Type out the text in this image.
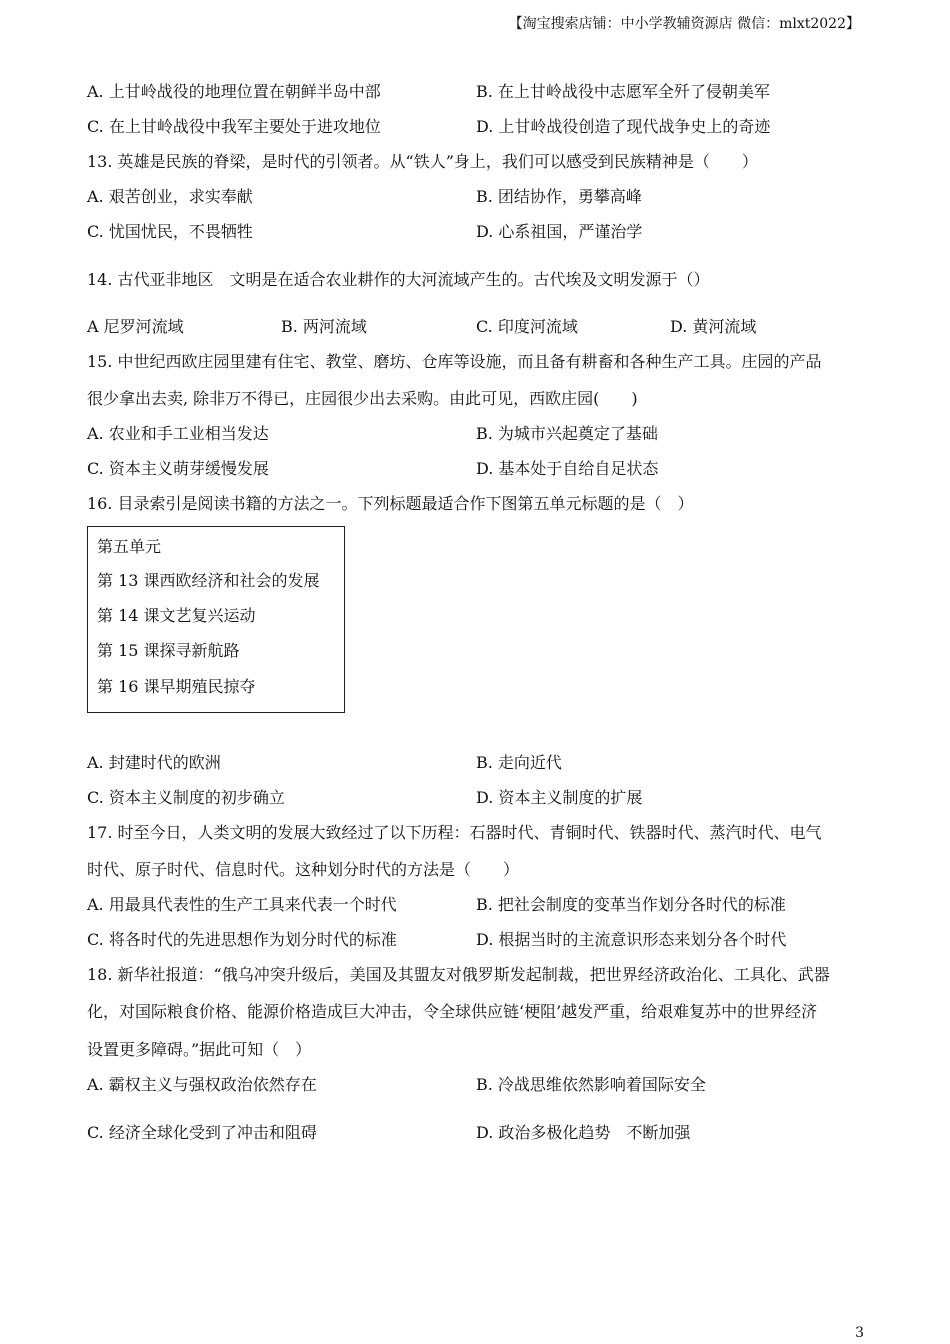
【淘宝搜索店铺：中小学教辅资源店 微信：mlxt2022】
A. 上甘岭战役的地理位置在朝鲜半岛中部	B. 在上甘岭战役中志愿军全歼了侵朝美军
C. 在上甘岭战役中我军主要处于进攻地位	D. 上甘岭战役创造了现代战争史上的奇迹
13. 英雄是民族的脊梁，是时代的引领者。从“铁人”身上，我们可以感受到民族精神是（　　）
A. 艰苦创业，求实奉献	B. 团结协作，勇攀高峰
C. 忧国忧民，不畏牺牲	D. 心系祖国，严谨治学
14. 古代亚非地区　文明是在适合农业耕作的大河流域产生的。古代埃及文明发源于（）
A 尼罗河流域	B. 两河流域	C. 印度河流域	D. 黄河流域
15. 中世纪西欧庄园里建有住宅、教堂、磨坊、仓库等设施，而且备有耕畜和各种生产工具。庄园的产品
很少拿出去卖, 除非万不得已，庄园很少出去采购。由此可见，西欧庄园(　　)
A. 农业和手工业相当发达	B. 为城市兴起奠定了基础
C. 资本主义萌芽缓慢发展	D. 基本处于自给自足状态
16. 目录索引是阅读书籍的方法之一。下列标题最适合作下图第五单元标题的是（　）
第五单元
第 13 课西欧经济和社会的发展
第 14 课文艺复兴运动
第 15 课探寻新航路
第 16 课早期殖民掠夺
A. 封建时代的欧洲	B. 走向近代
C. 资本主义制度的初步确立	D. 资本主义制度的扩展
17. 时至今日，人类文明的发展大致经过了以下历程：石器时代、青铜时代、铁器时代、蒸汽时代、电气
时代、原子时代、信息时代。这种划分时代的方法是（　　）
A. 用最具代表性的生产工具来代表一个时代	B. 把社会制度的变革当作划分各时代的标准
C. 将各时代的先进思想作为划分时代的标准	D. 根据当时的主流意识形态来划分各个时代
18. 新华社报道：“俄乌冲突升级后，美国及其盟友对俄罗斯发起制裁，把世界经济政治化、工具化、武器
化，对国际粮食价格、能源价格造成巨大冲击，令全球供应链‘梗阻’越发严重，给艰难复苏中的世界经济
设置更多障碍。”据此可知（　）
A. 霸权主义与强权政治依然存在	B. 冷战思维依然影响着国际安全
C. 经济全球化受到了冲击和阻碍	D. 政治多极化趋势　不断加强
3
